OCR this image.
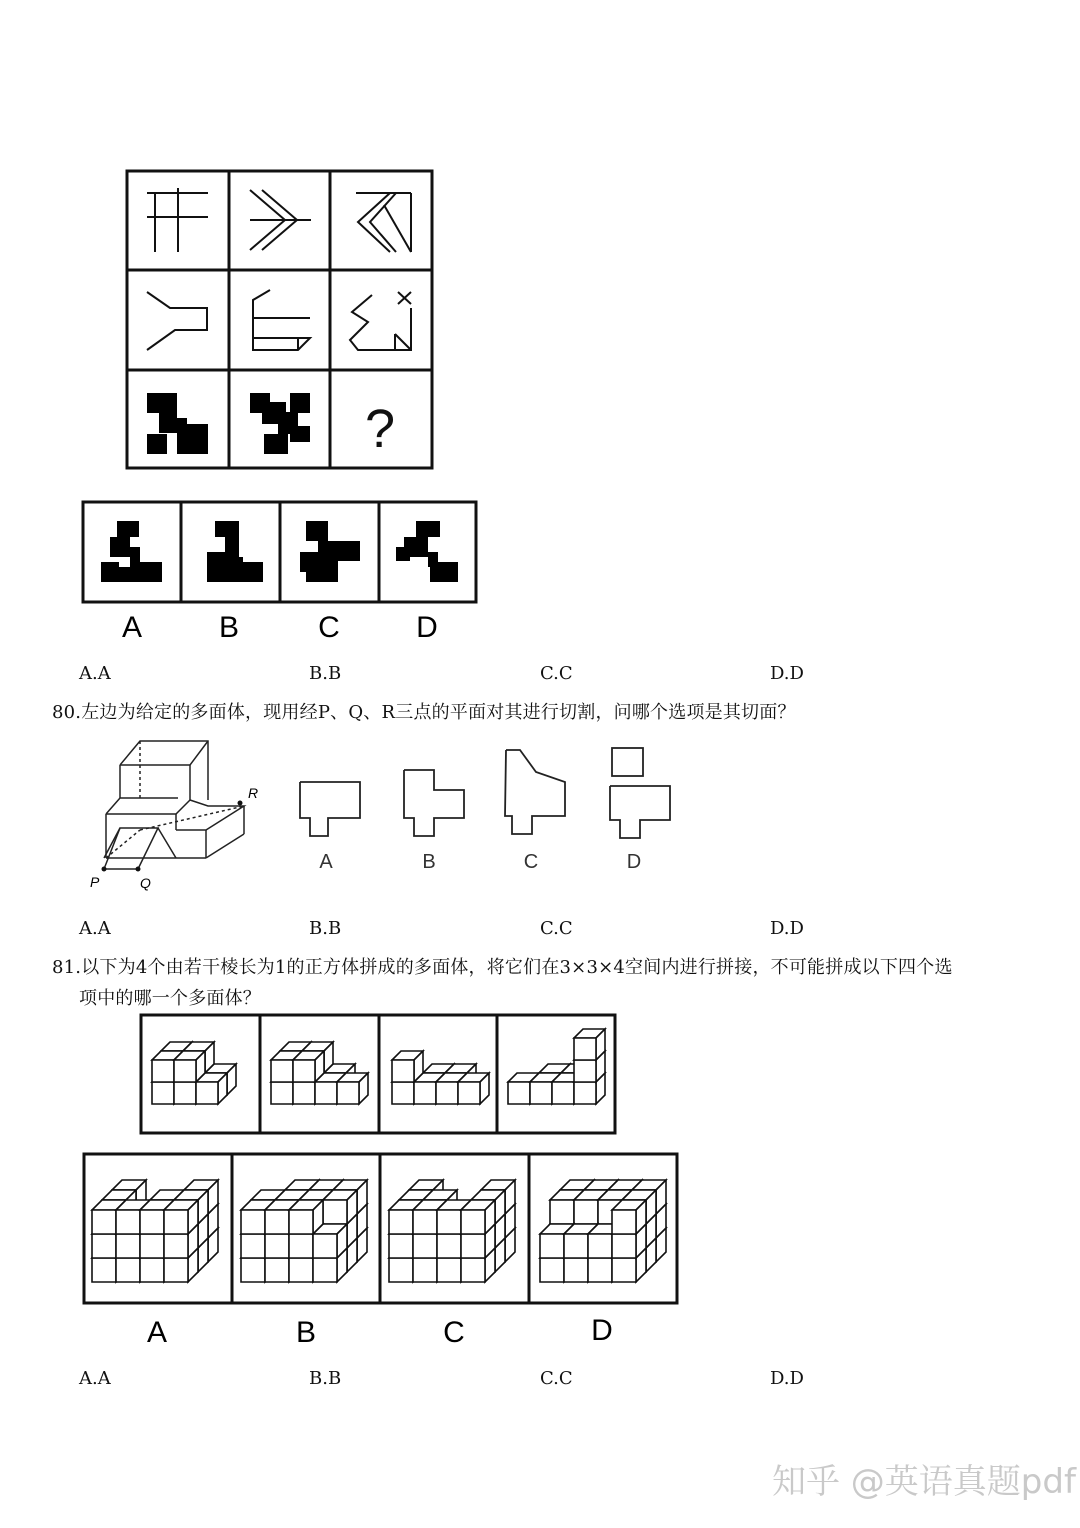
?
A	B	C	D
A.A	B.B	C.C	D.D
80.左边为给定的多面体，现用经P、Q、R三点的平面对其进行切割，问哪个选项是其切面？
P	Q
R
A	B	C	D
A.A	B.B	C.C	D.D
81.以下为4个由若干棱长为1的正方体拼成的多面体，将它们在3×3×4空间内进行拼接，不可能拼成以下四个选
项中的哪一个多面体？
A	B	C	D
A.A	B.B	C.C	D.D
知乎 @英语真题pdf
